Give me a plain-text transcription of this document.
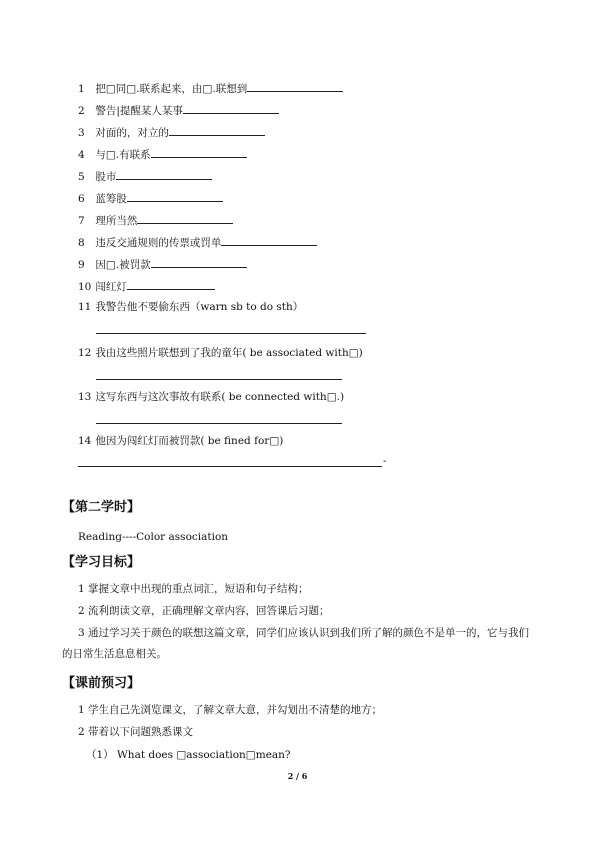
1 把□同□.联系起来，由□.联想到
2 警告|提醒某人某事
3 对面的，对立的
4 与□.有联系
5 股市
6 蓝筹股
7 理所当然
8 违反交通规则的传票或罚单
9 因□.被罚款
10 闯红灯
11 我警告他不要偷东西（warn sb to do sth）
12 我由这些照片联想到了我的童年( be associated with□)
13 这写东西与这次事故有联系( be connected with□.)
14 他因为闯红灯而被罚款( be fined for□)
-
【第二学时】
Reading----Color association
【学习目标】
1 掌握文章中出现的重点词汇，短语和句子结构；
2 流利朗读文章，正确理解文章内容，回答课后习题；
3 通过学习关于颜色的联想这篇文章，同学们应该认识到我们所了解的颜色不是单一的，它与我们的日常生活息息相关。
【课前预习】
1 学生自己先浏览课文，了解文章大意，并勾划出不清楚的地方；
2 带着以下问题熟悉课文
（1） What does □association□mean?
2 / 6
